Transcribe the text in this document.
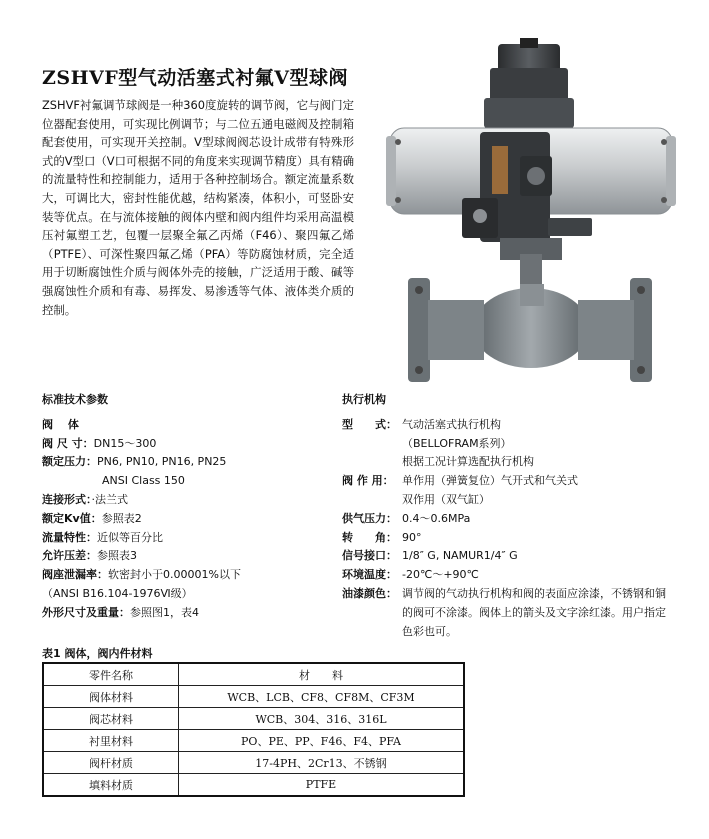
ZSHVF型气动活塞式衬氟V型球阀
ZSHVF衬氟调节球阀是一种360度旋转的调节阀，它与阀门定位器配套使用，可实现比例调节；与二位五通电磁阀及控制箱配套使用，可实现开关控制。V型球阀阀芯设计成带有特殊形式的V型口（V口可根据不同的角度来实现调节精度）具有精确的流量特性和控制能力，适用于各种控制场合。额定流量系数大，可调比大，密封性能优越，结构紧凑，体积小，可竖卧安装等优点。在与流体接触的阀体内壁和阀内组件均采用高温模压衬氟塑工艺，包覆一层聚全氟乙丙烯（F46）、聚四氟乙烯（PTFE）、可深性聚四氟乙烯（PFA）等防腐蚀材质，完全适用于切断腐蚀性介质与阀体外壳的接触，广泛适用于酸、碱等强腐蚀性介质和有毒、易挥发、易渗透等气体、液体类介质的控制。
标准技术参数
阀　 体
阀 尺 寸：DN15～300
额定压力：PN6, PN10, PN16, PN25
ANSI Class 150
连接形式：·法兰式
额定Kv值：参照表2
流量特性：近似等百分比
允许压差：参照表3
阀座泄漏率：软密封小于0.00001%以下
（ANSI B16.104-1976Ⅵ级）
外形尺寸及重量：参照图1，表4
执行机构
型　　式： 气动活塞式执行机构
（BELLOFRAM系列）
根据工况计算选配执行机构
阀 作 用： 单作用（弹簧复位）气开式和气关式
双作用（双气缸）
供气压力： 0.4～0.6MPa
转　　角： 90°
信号接口： 1/8″ G, NAMUR1/4″ G
环境温度： -20℃～+90℃
油漆颜色： 调节阀的气动执行机构和阀的表面应涂漆，不锈钢和铜的阀可不涂漆。阀体上的箭头及文字涂红漆。用户指定色彩也可。
表1 阀体，阀内件材料
零件名称	材　　料
阀体材料	WCB、LCB、CF8、CF8M、CF3M
阀芯材料	WCB、304、316、316L
衬里材料	PO、PE、PP、F46、F4、PFA
阀杆材质	17-4PH、2Cr13、不锈钢
填料材质	PTFE
